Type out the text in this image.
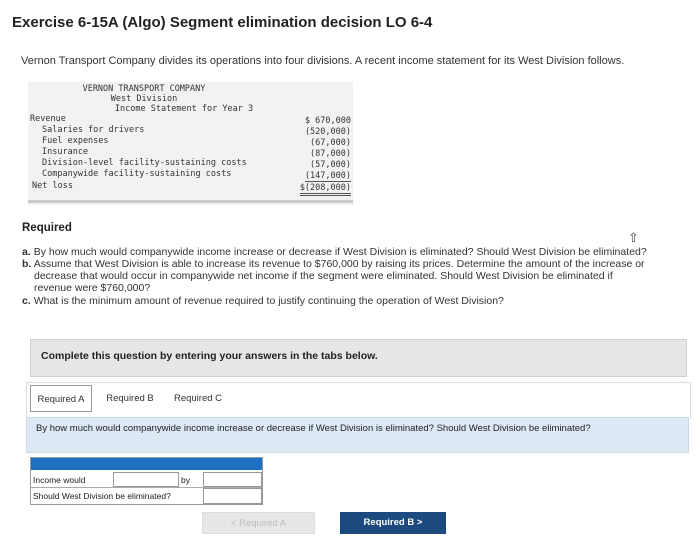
Exercise 6-15A (Algo) Segment elimination decision LO 6-4
Vernon Transport Company divides its operations into four divisions. A recent income statement for its West Division follows.
VERNON TRANSPORT COMPANY
West Division
Income Statement for Year 3
Revenue	$ 670,000
Salaries for drivers	(520,000)
Fuel expenses	(67,000)
Insurance	(87,000)
Division-level facility-sustaining costs	(57,000)
Companywide facility-sustaining costs	(147,000)
Net loss	$(208,000)
Required
a. By how much would companywide income increase or decrease if West Division is eliminated? Should West Division be eliminated?
b. Assume that West Division is able to increase its revenue to $760,000 by raising its prices. Determine the amount of the increase or
decrease that would occur in companywide net income if the segment were eliminated. Should West Division be eliminated if
revenue were $760,000?
c. What is the minimum amount of revenue required to justify continuing the operation of West Division?
⇧
Complete this question by entering your answers in the tabs below.
Required A	Required B	Required C
By how much would companywide income increase or decrease if West Division is eliminated? Should West Division be eliminated?
Income would	by
Should West Division be eliminated?
< Required A	Required B >
